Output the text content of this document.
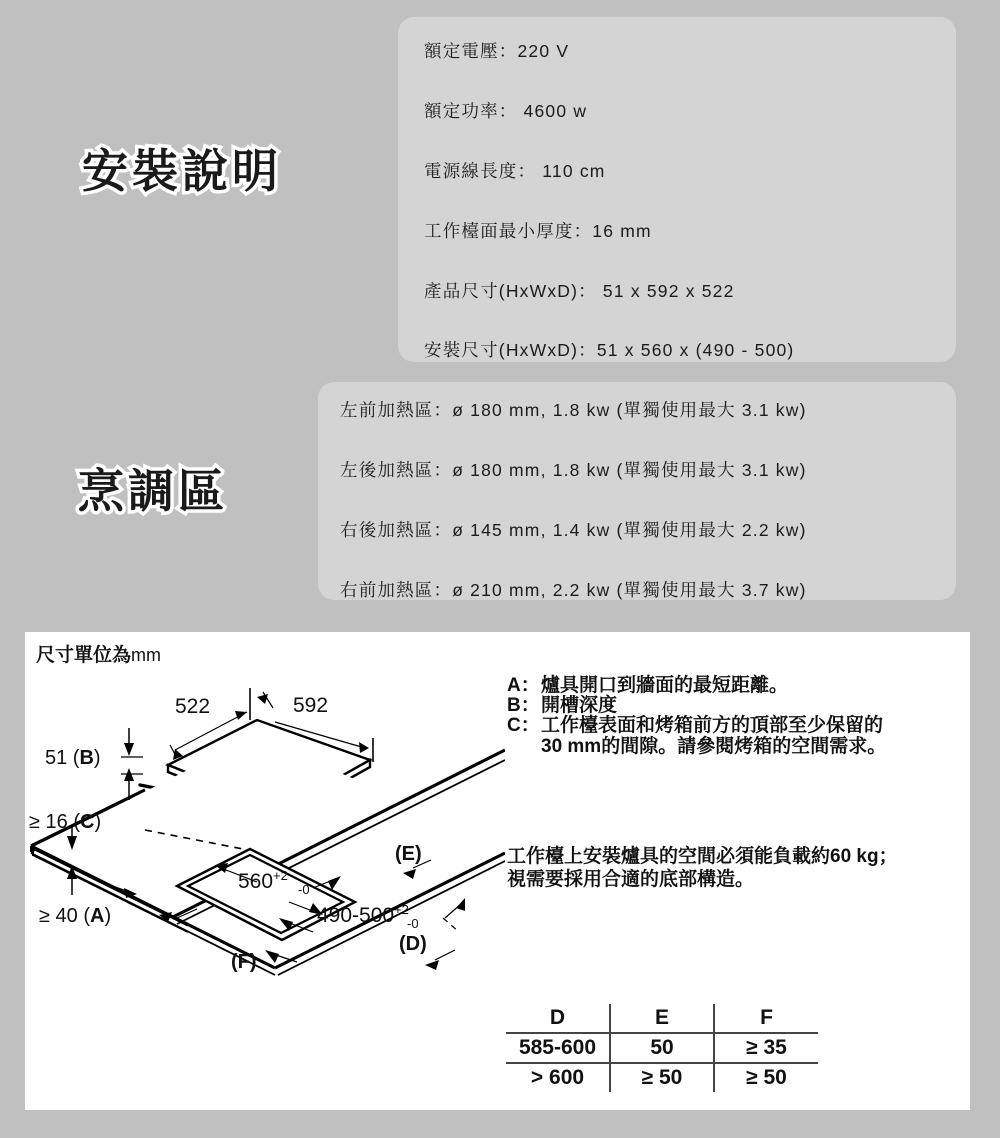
安裝說明
額定電壓：220 V
額定功率： 4600 w
電源線長度： 110 cm
工作檯面最小厚度：16 mm
產品尺寸(HxWxD)： 51 x 592 x 522
安裝尺寸(HxWxD)：51 x 560 x (490 - 500)
烹調區
左前加熱區：ø 180 mm, 1.8 kw (單獨使用最大 3.1 kw)
左後加熱區：ø 180 mm, 1.8 kw (單獨使用最大 3.1 kw)
右後加熱區：ø 145 mm, 1.4 kw (單獨使用最大 2.2 kw)
右前加熱區：ø 210 mm, 2.2 kw (單獨使用最大 3.7 kw)
尺寸單位為mm
522	592
51 (B)
≥ 16 (C)
≥ 40 (A)
$560^{+2}-0$
$490-500^{+2}$ -0
(E)
(F)
(D)
A： 爐具開口到牆面的最短距離。
B： 開槽深度
C： 工作檯表面和烤箱前方的頂部至少保留的
30 mm的間隙。請參閱烤箱的空間需求。
工作檯上安裝爐具的空間必須能負載約60 kg；
視需要採用合適的底部構造。
D	E	F
585-600	50	≥ 35
> 600	≥ 50	≥ 50
